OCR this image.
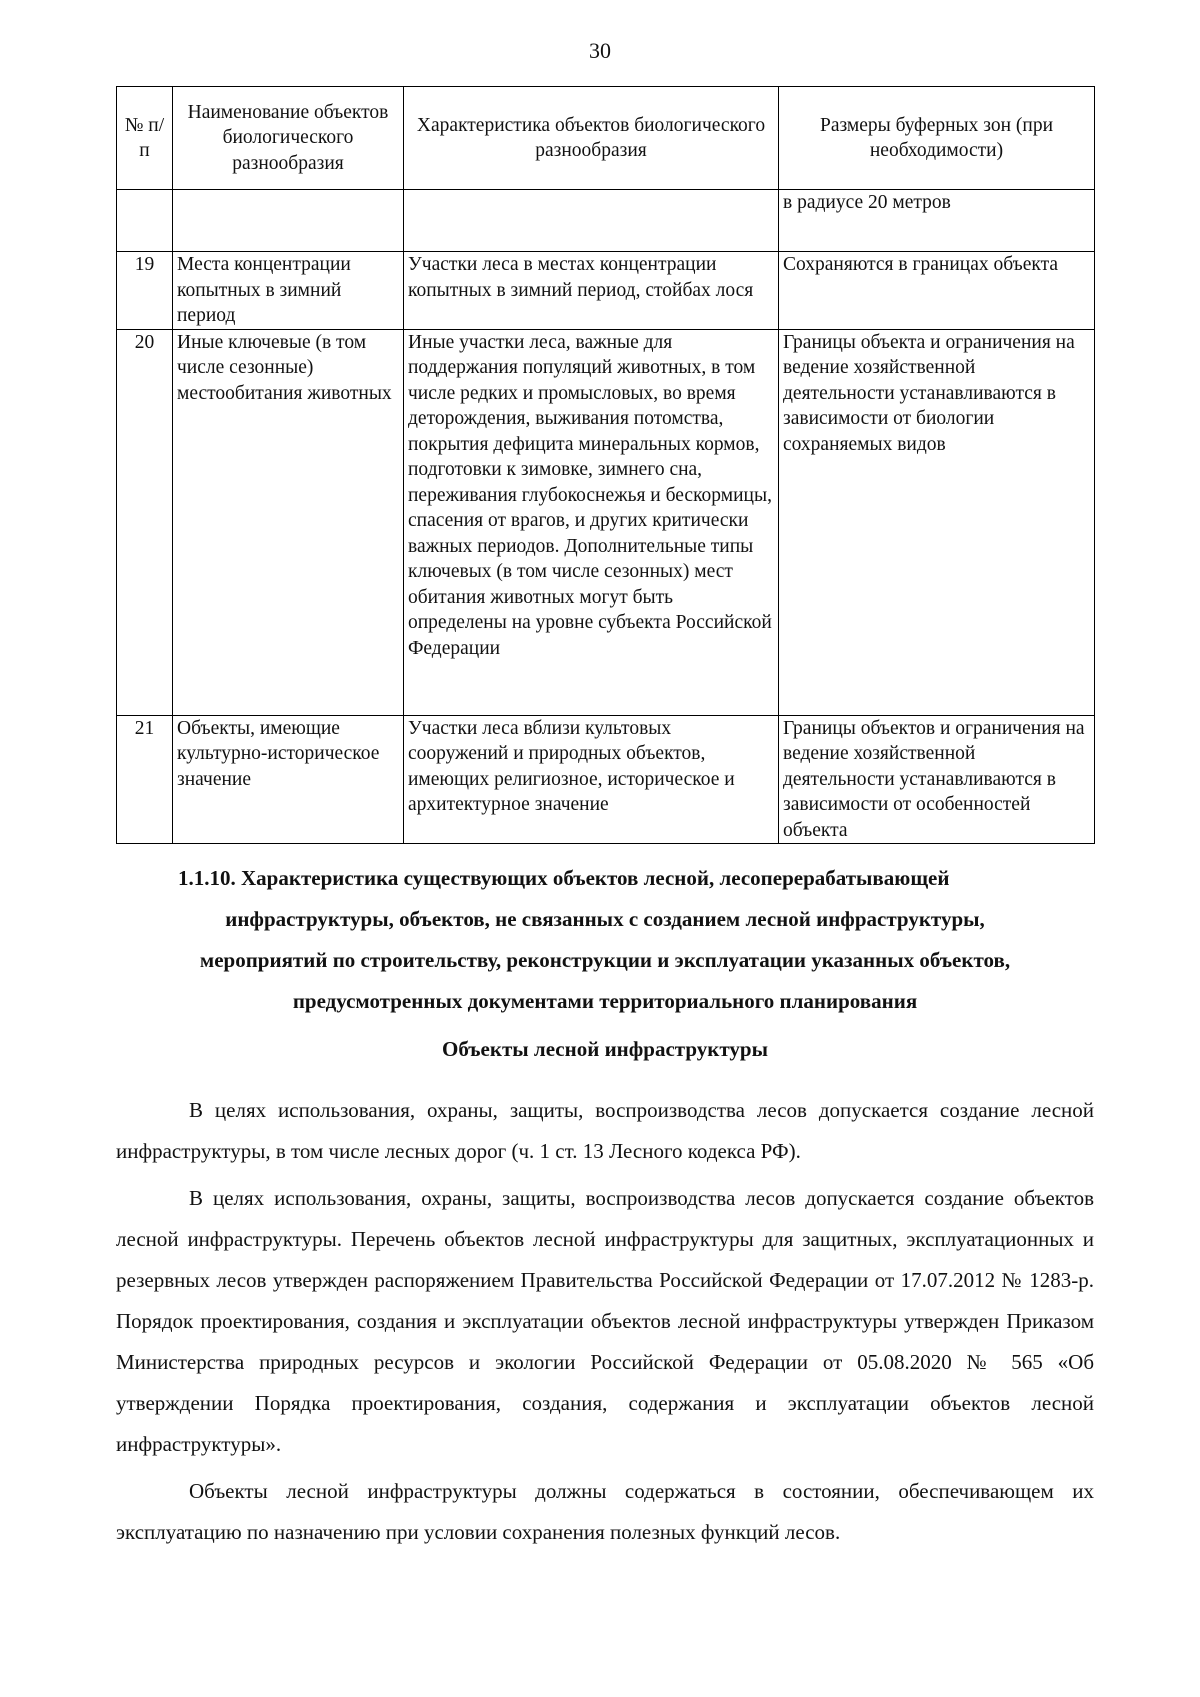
30
№ п/п	Наименование объектов биологического разнообразия	Характеристика объектов биологического разнообразия	Размеры буферных зон (при необходимости)
			в радиусе 20 метров
19	Места концентрации копытных в зимний период	Участки леса в местах концентрации копытных в зимний период, стойбах лося	Сохраняются в границах объекта
20	Иные ключевые (в том числе сезонные) местообитания животных	Иные участки леса, важные для поддержания популяций животных, в том числе редких и промысловых, во время деторождения, выживания потомства, покрытия дефицита минеральных кормов, подготовки к зимовке, зимнего сна, переживания глубокоснежья и бескормицы, спасения от врагов, и других критически важных периодов. Дополнительные типы ключевых (в том числе сезонных) мест обитания животных могут быть определены на уровне субъекта Российской Федерации	Границы объекта и ограничения на ведение хозяйственной деятельности устанавливаются в зависимости от биологии сохраняемых видов
21	Объекты, имеющие культурно-историческое значение	Участки леса вблизи культовых сооружений и природных объектов, имеющих религиозное, историческое и архитектурное значение	Границы объектов и ограничения на ведение хозяйственной деятельности устанавливаются в зависимости от особенностей объекта
1.1.10. Характеристика существующих объектов лесной, лесоперерабатывающей
инфраструктуры, объектов, не связанных с созданием лесной инфраструктуры,
мероприятий по строительству, реконструкции и эксплуатации указанных объектов,
предусмотренных документами территориального планирования
Объекты лесной инфраструктуры

В целях использования, охраны, защиты, воспроизводства лесов допускается создание лесной инфраструктуры, в том числе лесных дорог (ч. 1 ст. 13 Лесного кодекса РФ).

В целях использования, охраны, защиты, воспроизводства лесов допускается создание объектов лесной инфраструктуры. Перечень объектов лесной инфраструктуры для защитных, эксплуатационных и резервных лесов утвержден распоряжением Правительства Российской Федерации от 17.07.2012 № 1283-р. Порядок проектирования, создания и эксплуатации объектов лесной инфраструктуры утвержден Приказом Министерства природных ресурсов и экологии Российской Федерации от 05.08.2020 № 565 «Об утверждении Порядка проектирования, создания, содержания и эксплуатации объектов лесной инфраструктуры».

Объекты лесной инфраструктуры должны содержаться в состоянии, обеспечивающем их эксплуатацию по назначению при условии сохранения полезных функций лесов.
